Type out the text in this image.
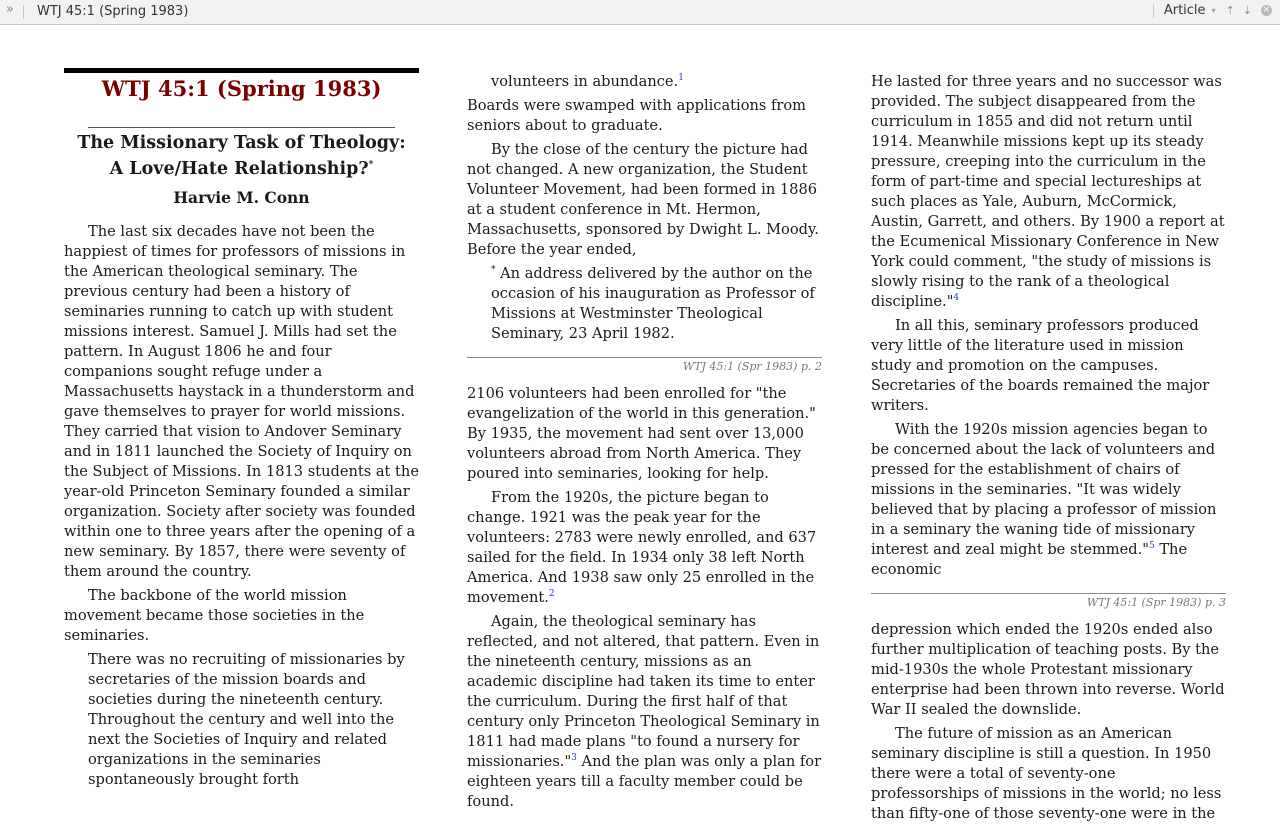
» WTJ 45:1 (Spring 1983)	Article ▾ ⇡ ⇣ ×
WTJ 45:1 (Spring 1983)
The Missionary Task of Theology:
A Love/Hate Relationship?*
Harvie M. Conn

The last six decades have not been the happiest of times for professors of missions in the American theological seminary. The previous century had been a history of seminaries running to catch up with student missions interest. Samuel J. Mills had set the pattern. In August 1806 he and four companions sought refuge under a Massachusetts haystack in a thunderstorm and gave themselves to prayer for world missions. They carried that vision to Andover Seminary and in 1811 launched the Society of Inquiry on the Subject of Missions. In 1813 students at the year-old Princeton Seminary founded a similar organization. Society after society was founded within one to three years after the opening of a new seminary. By 1857, there were seventy of them around the country.

The backbone of the world mission movement became those societies in the seminaries.

There was no recruiting of missionaries by secretaries of the mission boards and societies during the nineteenth century. Throughout the century and well into the next the Societies of Inquiry and related organizations in the seminaries spontaneously brought forth

volunteers in abundance.$^1$

Boards were swamped with applications from seniors about to graduate.

By the close of the century the picture had not changed. A new organization, the Student Volunteer Movement, had been formed in 1886 at a student conference in Mt. Hermon, Massachusetts, sponsored by Dwight L. Moody. Before the year ended,

* An address delivered by the author on the occasion of his inauguration as Professor of Missions at Westminster Theological Seminary, 23 April 1982.

WTJ 45:1 (Spr 1983) p. 2

2106 volunteers had been enrolled for "the evangelization of the world in this generation." By 1935, the movement had sent over 13,000 volunteers abroad from North America. They poured into seminaries, looking for help.

From the 1920s, the picture began to change. 1921 was the peak year for the volunteers: 2783 were newly enrolled, and 637 sailed for the field. In 1934 only 38 left North America. And 1938 saw only 25 enrolled in the movement.$^2$

Again, the theological seminary has reflected, and not altered, that pattern. Even in the nineteenth century, missions as an academic discipline had taken its time to enter the curriculum. During the first half of that century only Princeton Theological Seminary in 1811 had made plans "to found a nursery for missionaries."$^3$ And the plan was only a plan for eighteen years till a faculty member could be found.

He lasted for three years and no successor was provided. The subject disappeared from the curriculum in 1855 and did not return until 1914. Meanwhile missions kept up its steady pressure, creeping into the curriculum in the form of part-time and special lectureships at such places as Yale, Auburn, McCormick, Austin, Garrett, and others. By 1900 a report at the Ecumenical Missionary Conference in New York could comment, "the study of missions is slowly rising to the rank of a theological discipline."$^4$

In all this, seminary professors produced very little of the literature used in mission study and promotion on the campuses. Secretaries of the boards remained the major writers.

With the 1920s mission agencies began to be concerned about the lack of volunteers and pressed for the establishment of chairs of missions in the seminaries. "It was widely believed that by placing a professor of mission in a seminary the waning tide of missionary interest and zeal might be stemmed."$^5$ The economic

WTJ 45:1 (Spr 1983) p. 3

depression which ended the 1920s ended also further multiplication of teaching posts. By the mid-1930s the whole Protestant missionary enterprise had been thrown into reverse. World War II sealed the downslide.

The future of mission as an American seminary discipline is still a question. In 1950 there were a total of seventy-one professorships of missions in the world; no less than fifty-one of those seventy-one were in the
